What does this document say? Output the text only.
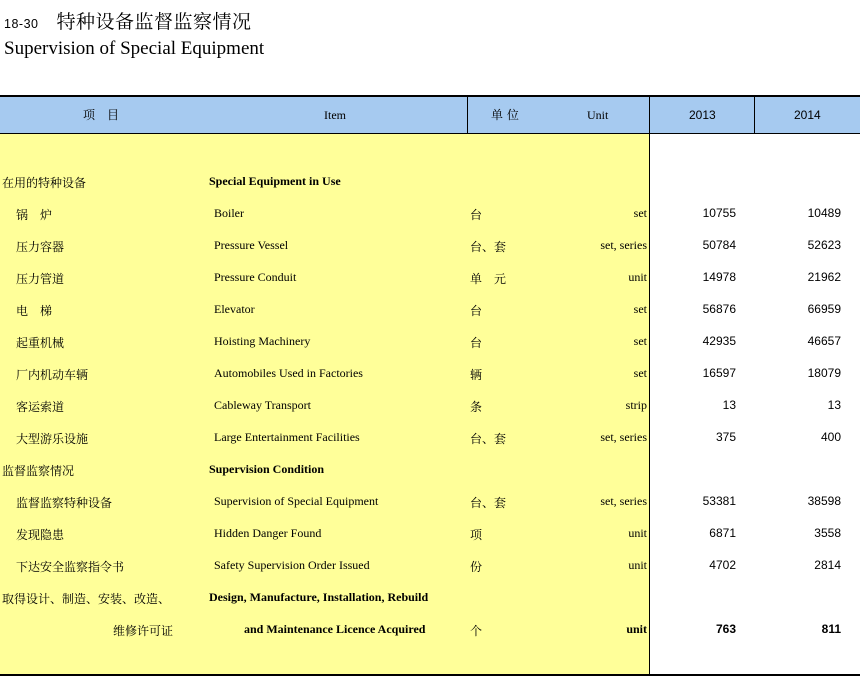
18-30 特种设备监督监察情况
Supervision of Special Equipment
项　目	Item	单 位	Unit	2013	2014
在用的特种设备	Special Equipment in Use
锅　炉	Boiler	台	set	10755	10489
压力容器	Pressure Vessel	台、套	set, series	50784	52623
压力管道	Pressure Conduit	单　元	unit	14978	21962
电　梯	Elevator	台	set	56876	66959
起重机械	Hoisting Machinery	台	set	42935	46657
厂内机动车辆	Automobiles Used in Factories	辆	set	16597	18079
客运索道	Cableway Transport	条	strip	13	13
大型游乐设施	Large Entertainment Facilities	台、套	set, series	375	400
监督监察情况	Supervision Condition
监督监察特种设备	Supervision of Special Equipment	台、套	set, series	53381	38598
发现隐患	Hidden Danger Found	项	unit	6871	3558
下达安全监察指令书	Safety Supervision Order Issued	份	unit	4702	2814
取得设计、制造、安装、改造、	Design, Manufacture, Installation, Rebuild
维修许可证	and Maintenance Licence Acquired	个	unit	763	811
